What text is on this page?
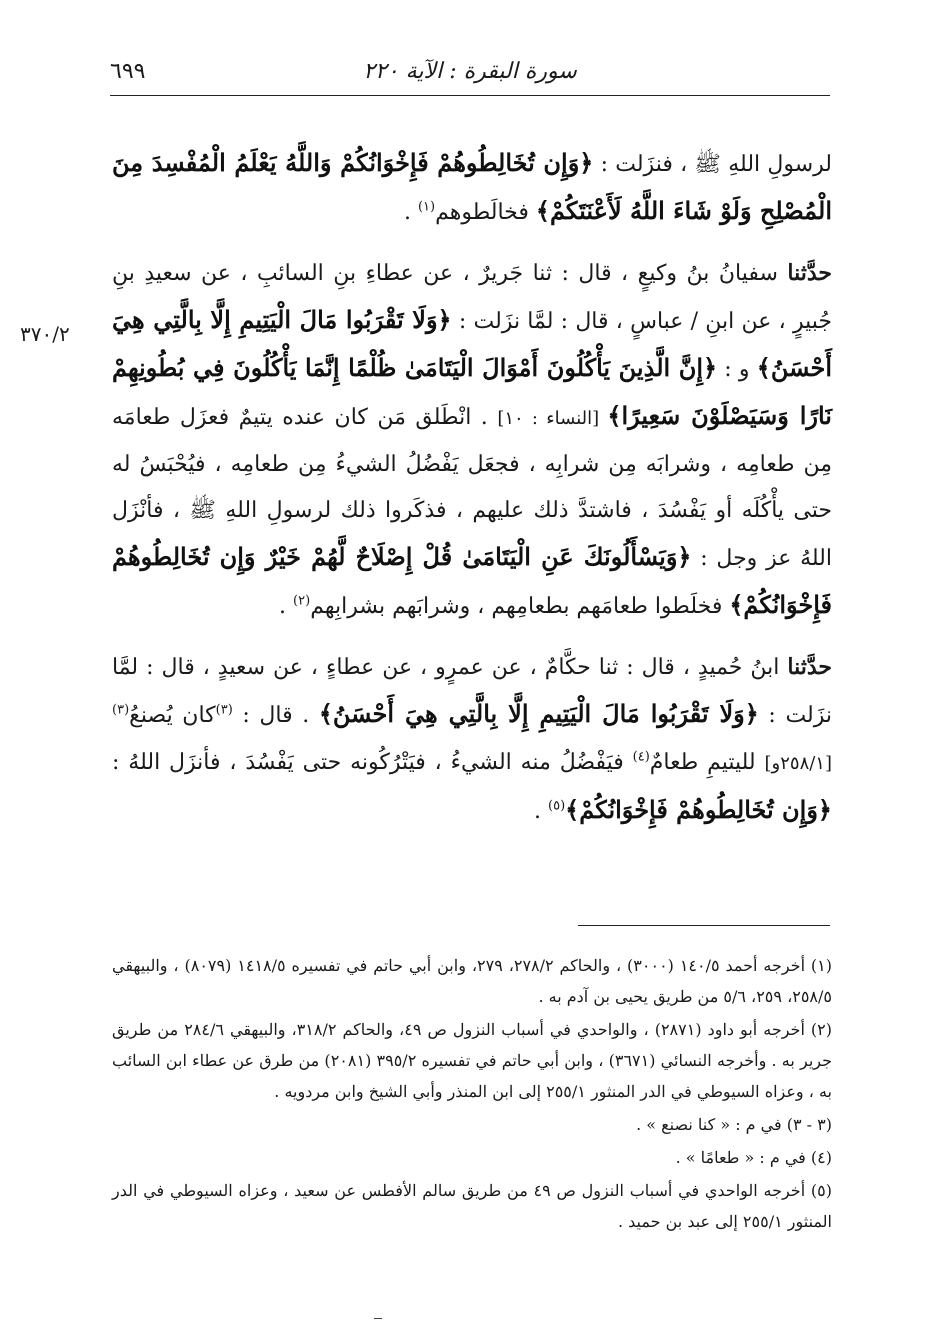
سورة البقرة : الآية ٢٢٠
٦٩٩
٣٧٠/٢

لرسولِ اللهِ ﷺ ، فنزَلت : ﴿وَإِن تُخَالِطُوهُمْ فَإِخْوَانُكُمْ وَاللَّهُ يَعْلَمُ الْمُفْسِدَ مِنَ الْمُصْلِحِ وَلَوْ شَاءَ اللَّهُ لَأَعْنَتَكُمْ﴾ فخالَطوهم$^{(١)}$ .

حدَّثنا سفيانُ بنُ وكيعٍ ، قال : ثنا جَريرٌ ، عن عطاءِ بنِ السائبِ ، عن سعيدِ بنِ جُبيرٍ ، عن ابنِ / عباسٍ ، قال : لمَّا نزَلت : ﴿وَلَا تَقْرَبُوا مَالَ الْيَتِيمِ إِلَّا بِالَّتِي هِيَ أَحْسَنُ﴾ و : ﴿إِنَّ الَّذِينَ يَأْكُلُونَ أَمْوَالَ الْيَتَامَىٰ ظُلْمًا إِنَّمَا يَأْكُلُونَ فِي بُطُونِهِمْ نَارًا وَسَيَصْلَوْنَ سَعِيرًا﴾ [النساء : ١٠] . انْطَلق مَن كان عنده يتيمٌ فعزَل طعامَه مِن طعامِه ، وشرابَه مِن شرابِه ، فجعَل يَفْضُلُ الشيءُ مِن طعامِه ، فيُحْبَسُ له حتى يأْكُلَه أو يَفْسُدَ ، فاشتدَّ ذلك عليهم ، فذكَروا ذلك لرسولِ اللهِ ﷺ ، فأنْزَل اللهُ عز وجل : ﴿وَيَسْأَلُونَكَ عَنِ الْيَتَامَىٰ قُلْ إِصْلَاحٌ لَّهُمْ خَيْرٌ وَإِن تُخَالِطُوهُمْ فَإِخْوَانُكُمْ﴾ فخلَطوا طعامَهم بطعامِهم ، وشرابَهم بشرابِهم$^{(٢)}$ .

حدَّثنا ابنُ حُميدٍ ، قال : ثنا حكَّامٌ ، عن عمرٍو ، عن عطاءٍ ، عن سعيدٍ ، قال : لمَّا نزَلت : ﴿وَلَا تَقْرَبُوا مَالَ الْيَتِيمِ إِلَّا بِالَّتِي هِيَ أَحْسَنُ﴾ . قال : $^{(٣)}$كان يُصنعُ$^{(٣)}$ [٢٥٨/١و] لليتيمِ طعامٌ$^{(٤)}$ فيَفْضُلُ منه الشيءُ ، فيَتْرُكُونه حتى يَفْسُدَ ، فأنزَل اللهُ : ﴿وَإِن تُخَالِطُوهُمْ فَإِخْوَانُكُمْ﴾$^{(٥)}$ .

(١) أخرجه أحمد ١٤٠/٥ (٣٠٠٠) ، والحاكم ٢٧٨/٢، ٢٧٩، وابن أبي حاتم في تفسيره ١٤١٨/٥ (٨٠٧٩) ، والبيهقي ٢٥٨/٥، ٢٥٩، ٥/٦ من طريق يحيى بن آدم به .

(٢) أخرجه أبو داود (٢٨٧١) ، والواحدي في أسباب النزول ص ٤٩، والحاكم ٣١٨/٢، والبيهقي ٢٨٤/٦ من طريق جرير به . وأخرجه النسائي (٣٦٧١) ، وابن أبي حاتم في تفسيره ٣٩٥/٢ (٢٠٨١) من طرق عن عطاء ابن السائب به ، وعزاه السيوطي في الدر المنثور ٢٥٥/١ إلى ابن المنذر وأبي الشيخ وابن مردويه .

(٣ - ٣) في م : « كنا نصنع » .

(٤) في م : « طعامًا » .

(٥) أخرجه الواحدي في أسباب النزول ص ٤٩ من طريق سالم الأفطس عن سعيد ، وعزاه السيوطي في الدر المنثور ٢٥٥/١ إلى عبد بن حميد .
